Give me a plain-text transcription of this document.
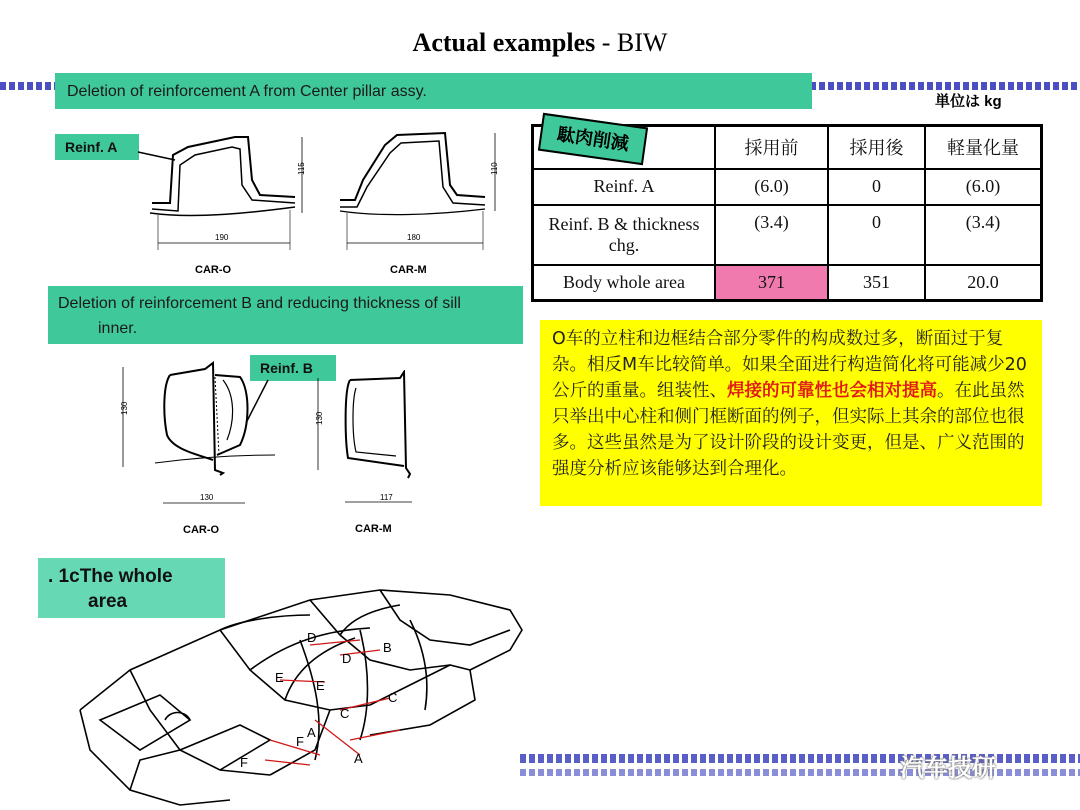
Actual examples - BIW
Deletion of reinforcement A from Center pillar assy.
単位は kg
Reinf. A
190
115
CAR-O
180
110
CAR-M
Deletion of reinforcement B and reducing thickness of sill
inner.
Reinf. B
130
130
CAR-O
130
117
CAR-M
	採用前	採用後	軽量化量
Reinf. A	(6.0)	0	(6.0)
Reinf. B & thickness chg.	(3.4)	0	(3.4)
Body whole area	371	351	20.0
駄肉削減
O车的立柱和边框结合部分零件的构成数过多，断面过于复杂。相反M车比较简单。如果全面进行构造简化将可能减少20公斤的重量。组装性、焊接的可靠性也会相对提高。在此虽然只举出中心柱和侧门框断面的例子，但实际上其余的部位也很多。这些虽然是为了设计阶段的设计变更，但是、广义范围的强度分析应该能够达到合理化。
. 1cThe whole
area
D
D
B
E
E
C
C
A
F
F	A	汽车技研
